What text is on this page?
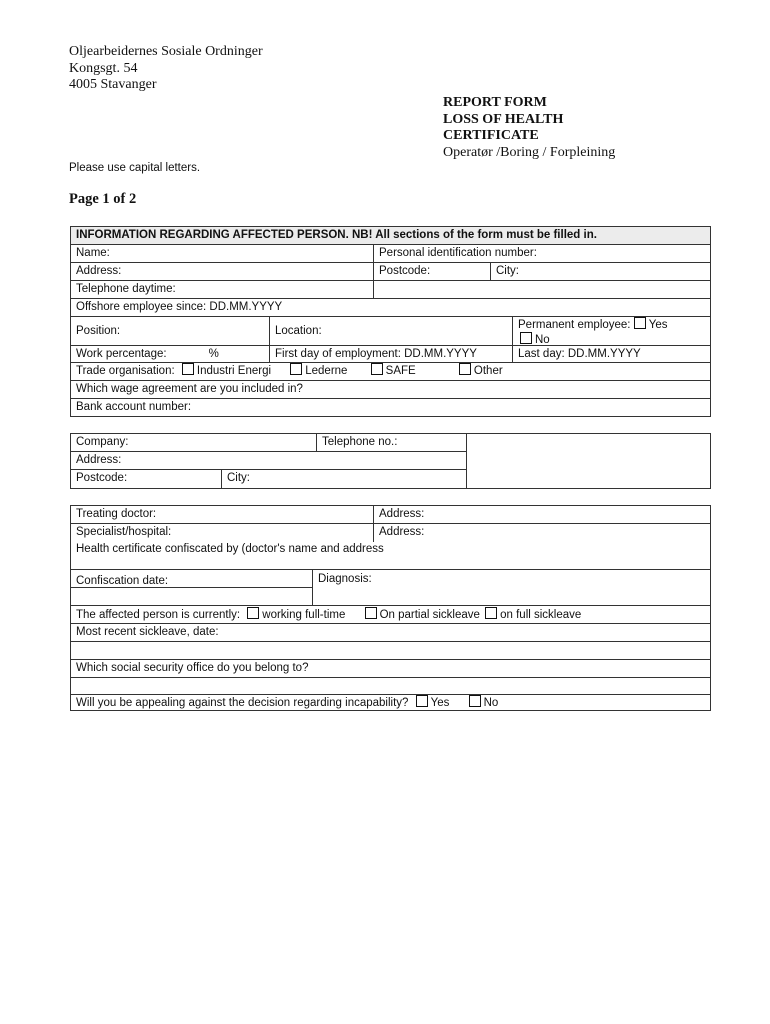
Oljearbeidernes Sosiale Ordninger
Kongsgt. 54
4005 Stavanger
REPORT FORM
LOSS OF HEALTH
CERTIFICATE
Operatør /Boring / Forpleining
Please use capital letters.
Page 1 of 2
INFORMATION REGARDING AFFECTED PERSON. NB! All sections of the form must be filled in.
Name:	Personal identification number:
Address:	Postcode:	City:
Telephone daytime:
Offshore employee since: DD.MM.YYYY
Position:	Location:	Permanent employee: Yes
No
Work percentage:	%	First day of employment: DD.MM.YYYY	Last day: DD.MM.YYYY
Trade organisation: Industri Energi	Lederne	SAFE	Other
Which wage agreement are you included in?
Bank account number:
Company:	Telephone no.:
Address:
Postcode:	City:
Treating doctor:	Address:
Specialist/hospital:	Address:
Health certificate confiscated by (doctor's name and address
Confiscation date:	Diagnosis:
The affected person is currently: working full-time	On partial sickleave on full sickleave
Most recent sickleave, date:
Which social security office do you belong to?
Will you be appealing against the decision regarding incapability? Yes	No
